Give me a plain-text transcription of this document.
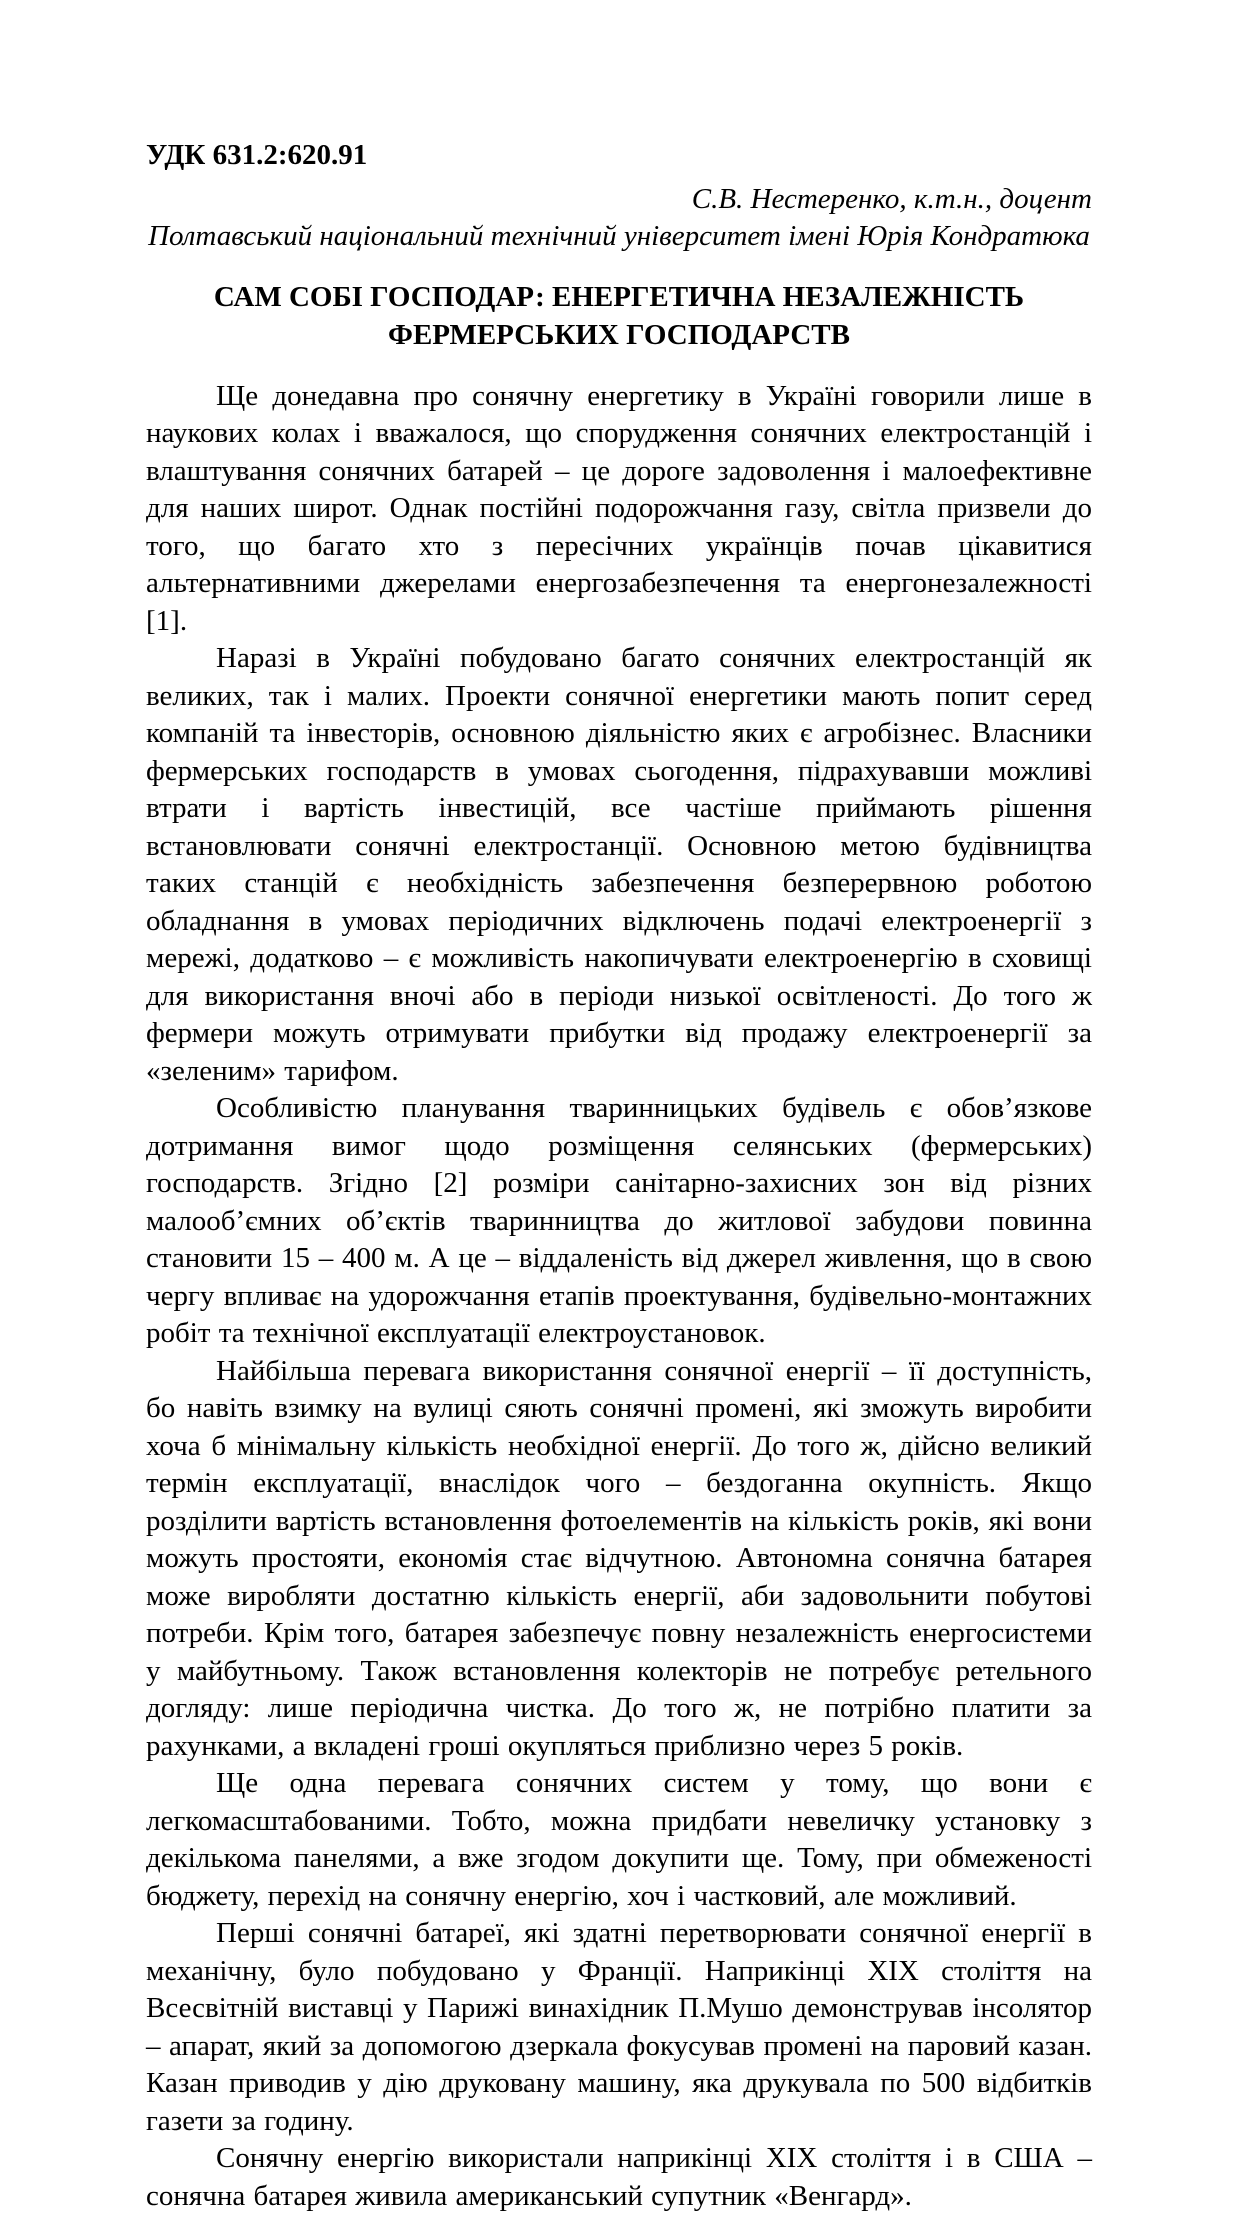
УДК 631.2:620.91
С.В. Нестеренко, к.т.н., доцент
Полтавський національний технічний університет імені Юрія Кондратюка
САМ СОБІ ГОСПОДАР: ЕНЕРГЕТИЧНА НЕЗАЛЕЖНІСТЬ
ФЕРМЕРСЬКИХ ГОСПОДАРСТВ

Ще донедавна про сонячну енергетику в Україні говорили лише в наукових колах і вважалося, що спорудження сонячних електростанцій і влаштування сонячних батарей – це дороге задоволення і малоефективне для наших широт. Однак постійні подорожчання газу, світла призвели до того, що багато хто з пересічних українців почав цікавитися альтернативними джерелами енергозабезпечення та енергонезалежності [1].

Наразі в Україні побудовано багато сонячних електростанцій як великих, так і малих. Проекти сонячної енергетики мають попит серед компаній та інвесторів, основною діяльністю яких є агробізнес. Власники фермерських господарств в умовах сьогодення, підрахувавши можливі втрати і вартість інвестицій, все частіше приймають рішення встановлювати сонячні електростанції. Основною метою будівництва таких станцій є необхідність забезпечення безперервною роботою обладнання в умовах періодичних відключень подачі електроенергії з мережі, додатково – є можливість накопичувати електроенергію в сховищі для використання вночі або в періоди низької освітленості. До того ж фермери можуть отримувати прибутки від продажу електроенергії за «зеленим» тарифом.

Особливістю планування тваринницьких будівель є обов’язкове дотримання вимог щодо розміщення селянських (фермерських) господарств. Згідно [2] розміри санітарно-захисних зон від різних малооб’ємних об’єктів тваринництва до житлової забудови повинна становити 15 – 400 м. А це – віддаленість від джерел живлення, що в свою чергу впливає на удорожчання етапів проектування, будівельно-монтажних робіт та технічної експлуатації електроустановок.

Найбільша перевага використання сонячної енергії – її доступність, бо навіть взимку на вулиці сяють сонячні промені, які зможуть виробити хоча б мінімальну кількість необхідної енергії. До того ж, дійсно великий термін експлуатації, внаслідок чого – бездоганна окупність. Якщо розділити вартість встановлення фотоелементів на кількість років, які вони можуть простояти, економія стає відчутною. Автономна сонячна батарея може виробляти достатню кількість енергії, аби задовольнити побутові потреби. Крім того, батарея забезпечує повну незалежність енергосистеми у майбутньому. Також встановлення колекторів не потребує ретельного догляду: лише періодична чистка. До того ж, не потрібно платити за рахунками, а вкладені гроші окупляться приблизно через 5 років.

Ще одна перевага сонячних систем у тому, що вони є легкомасштабованими. Тобто, можна придбати невеличку установку з декількома панелями, а вже згодом докупити ще. Тому, при обмеженості бюджету, перехід на сонячну енергію, хоч і частковий, але можливий.

Перші сонячні батареї, які здатні перетворювати сонячної енергії в механічну, було побудовано у Франції. Наприкінці XIX століття на Всесвітній виставці у Парижі винахідник П.Мушо демонстрував інсолятор – апарат, який за допомогою дзеркала фокусував промені на паровий казан. Казан приводив у дію друковану машину, яка друкувала по 500 відбитків газети за годину.

Сонячну енергію використали наприкінці XIX століття і в США – сонячна батарея живила американський супутник «Венгард».
